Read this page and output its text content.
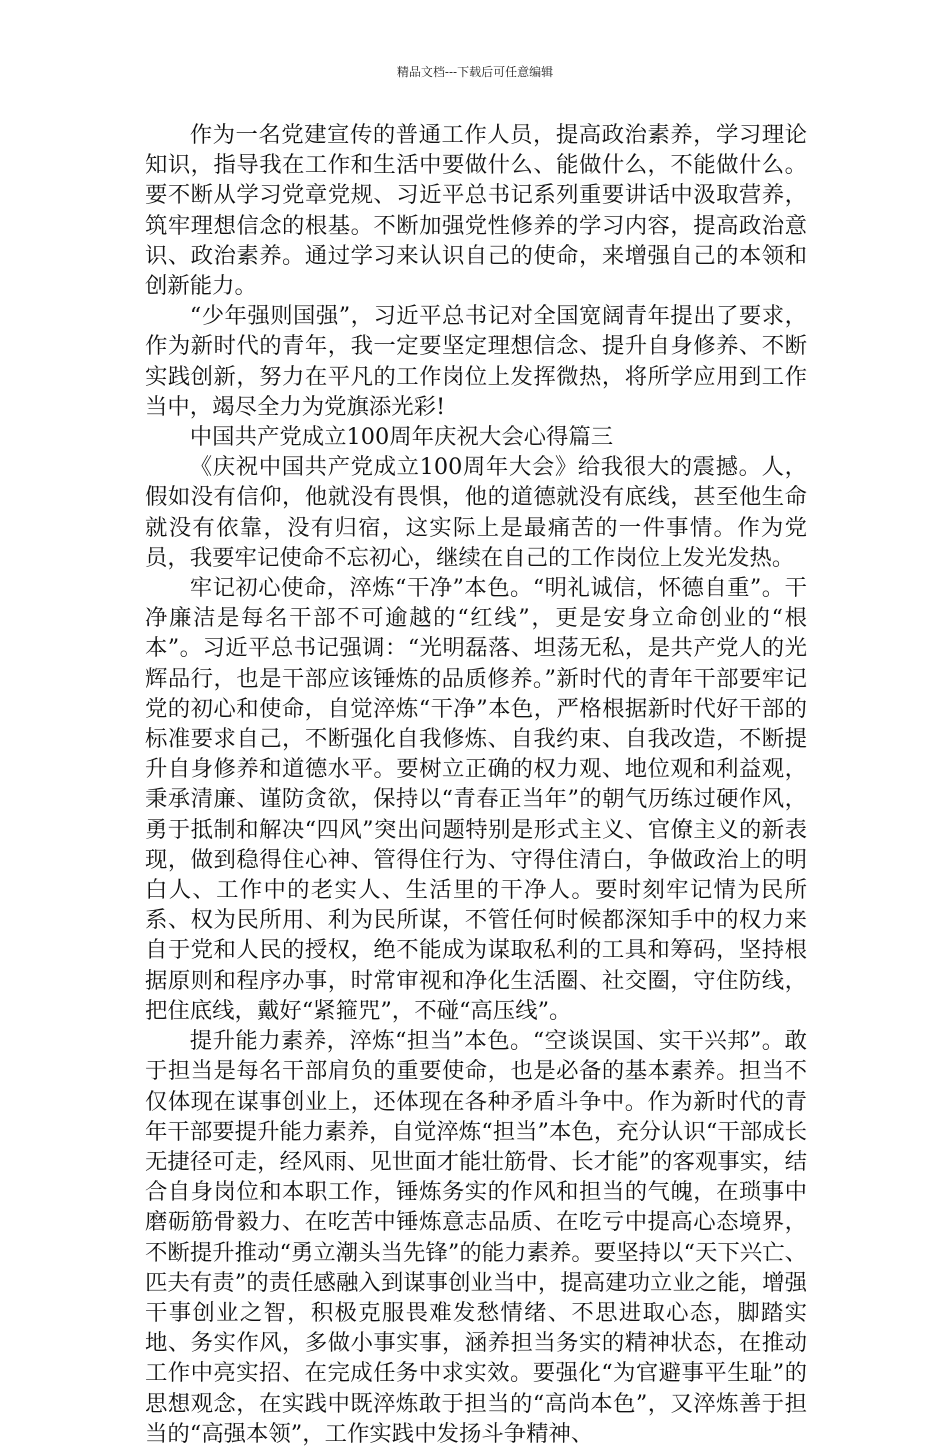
精品文档---下载后可任意编辑

作为一名党建宣传的普通工作人员，提高政治素养，学习理论知识，指导我在工作和生活中要做什么、能做什么，不能做什么。要不断从学习党章党规、习近平总书记系列重要讲话中汲取营养，筑牢理想信念的根基。不断加强党性修养的学习内容，提高政治意识、政治素养。通过学习来认识自己的使命，来增强自己的本领和创新能力。

“少年强则国强”，习近平总书记对全国宽阔青年提出了要求，作为新时代的青年，我一定要坚定理想信念、提升自身修养、不断实践创新，努力在平凡的工作岗位上发挥微热，将所学应用到工作当中，竭尽全力为党旗添光彩!

中国共产党成立100周年庆祝大会心得篇三

《庆祝中国共产党成立100周年大会》给我很大的震撼。人，假如没有信仰，他就没有畏惧，他的道德就没有底线，甚至他生命就没有依靠，没有归宿，这实际上是最痛苦的一件事情。作为党员，我要牢记使命不忘初心，继续在自己的工作岗位上发光发热。

牢记初心使命，淬炼“干净”本色。“明礼诚信，怀德自重”。干净廉洁是每名干部不可逾越的“红线”，更是安身立命创业的“根本”。习近平总书记强调：“光明磊落、坦荡无私，是共产党人的光辉品行，也是干部应该锤炼的品质修养。”新时代的青年干部要牢记党的初心和使命，自觉淬炼“干净”本色，严格根据新时代好干部的标准要求自己，不断强化自我修炼、自我约束、自我改造，不断提升自身修养和道德水平。要树立正确的权力观、地位观和利益观，秉承清廉、谨防贪欲，保持以“青春正当年”的朝气历练过硬作风，勇于抵制和解决“四风”突出问题特别是形式主义、官僚主义的新表现，做到稳得住心神、管得住行为、守得住清白，争做政治上的明白人、工作中的老实人、生活里的干净人。要时刻牢记情为民所系、权为民所用、利为民所谋，不管任何时候都深知手中的权力来自于党和人民的授权，绝不能成为谋取私利的工具和筹码，坚持根据原则和程序办事，时常审视和净化生活圈、社交圈，守住防线，把住底线，戴好“紧箍咒”，不碰“高压线”。

提升能力素养，淬炼“担当”本色。“空谈误国、实干兴邦”。敢于担当是每名干部肩负的重要使命，也是必备的基本素养。担当不仅体现在谋事创业上，还体现在各种矛盾斗争中。作为新时代的青年干部要提升能力素养，自觉淬炼“担当”本色，充分认识“干部成长无捷径可走，经风雨、见世面才能壮筋骨、长才能”的客观事实，结合自身岗位和本职工作，锤炼务实的作风和担当的气魄，在琐事中磨砺筋骨毅力、在吃苦中锤炼意志品质、在吃亏中提高心态境界，不断提升推动“勇立潮头当先锋”的能力素养。要坚持以“天下兴亡、匹夫有责”的责任感融入到谋事创业当中，提高建功立业之能，增强干事创业之智，积极克服畏难发愁情绪、不思进取心态，脚踏实地、务实作风，多做小事实事，涵养担当务实的精神状态，在推动工作中亮实招、在完成任务中求实效。要强化“为官避事平生耻”的思想观念，在实践中既淬炼敢于担当的“高尚本色”，又淬炼善于担当的“高强本领”，工作实践中发扬斗争精神、
